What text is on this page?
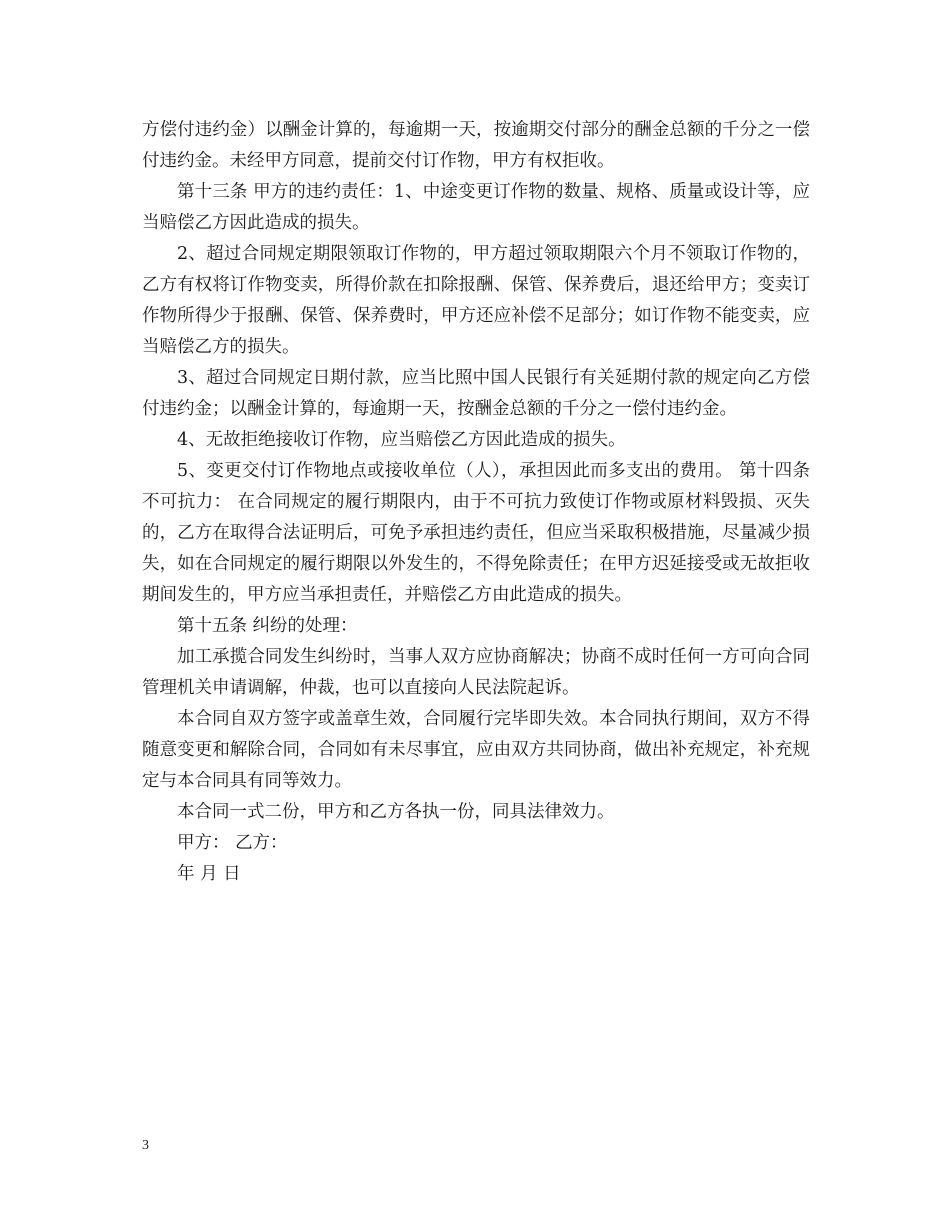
方偿付违约金）以酬金计算的，每逾期一天，按逾期交付部分的酬金总额的千分之一偿付违约金。未经甲方同意，提前交付订作物，甲方有权拒收。

第十三条 甲方的违约责任：1、中途变更订作物的数量、规格、质量或设计等，应当赔偿乙方因此造成的损失。

2、超过合同规定期限领取订作物的，甲方超过领取期限六个月不领取订作物的，乙方有权将订作物变卖，所得价款在扣除报酬、保管、保养费后，退还给甲方；变卖订作物所得少于报酬、保管、保养费时，甲方还应补偿不足部分；如订作物不能变卖，应当赔偿乙方的损失。

3、超过合同规定日期付款，应当比照中国人民银行有关延期付款的规定向乙方偿付违约金；以酬金计算的，每逾期一天，按酬金总额的千分之一偿付违约金。

4、无故拒绝接收订作物，应当赔偿乙方因此造成的损失。

5、变更交付订作物地点或接收单位（人），承担因此而多支出的费用。 第十四条 不可抗力： 在合同规定的履行期限内，由于不可抗力致使订作物或原材料毁损、灭失的，乙方在取得合法证明后，可免予承担违约责任，但应当采取积极措施，尽量减少损失，如在合同规定的履行期限以外发生的，不得免除责任；在甲方迟延接受或无故拒收期间发生的，甲方应当承担责任，并赔偿乙方由此造成的损失。

第十五条 纠纷的处理：

加工承揽合同发生纠纷时，当事人双方应协商解决；协商不成时任何一方可向合同管理机关申请调解，仲裁，也可以直接向人民法院起诉。

本合同自双方签字或盖章生效，合同履行完毕即失效。本合同执行期间，双方不得随意变更和解除合同，合同如有未尽事宜，应由双方共同协商，做出补充规定，补充规定与本合同具有同等效力。

本合同一式二份，甲方和乙方各执一份，同具法律效力。

甲方： 乙方：

年 月 日

3
